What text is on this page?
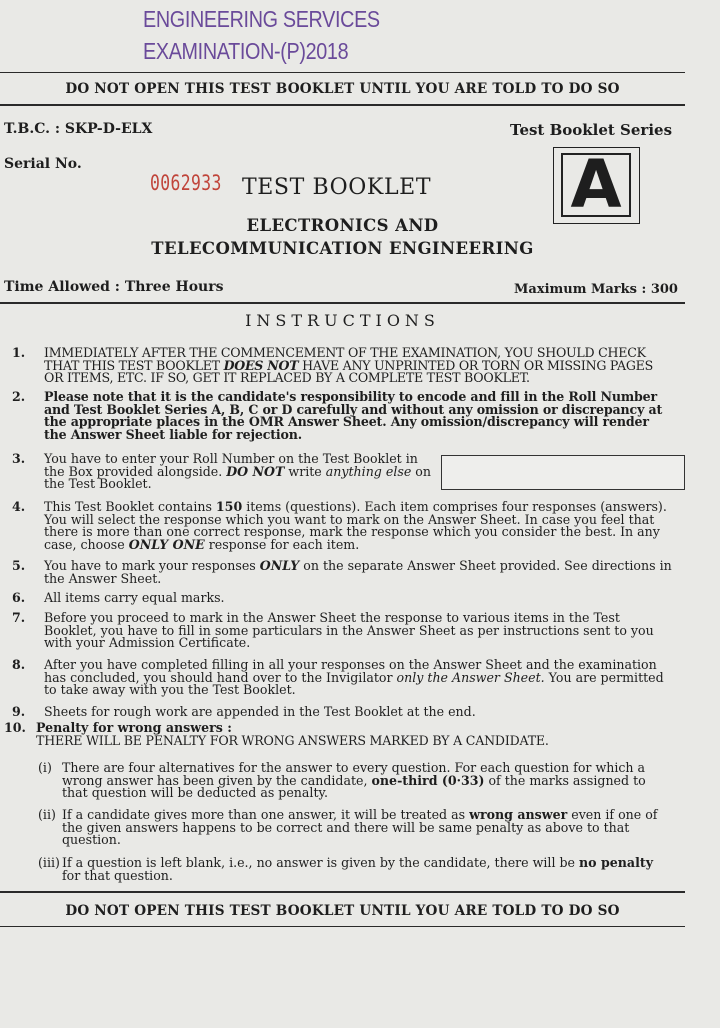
ENGINEERING SERVICES
EXAMINATION-(P)2018
DO NOT OPEN THIS TEST BOOKLET UNTIL YOU ARE TOLD TO DO SO
T.B.C. : SKP-D-ELX	Test Booklet Series
Serial No.	A
0062933 TEST BOOKLET
ELECTRONICS AND
TELECOMMUNICATION ENGINEERING
Time Allowed : Three Hours	Maximum Marks : 300
INSTRUCTIONS
1. IMMEDIATELY AFTER THE COMMENCEMENT OF THE EXAMINATION, YOU SHOULD CHECK
THAT THIS TEST BOOKLET DOES NOT HAVE ANY UNPRINTED OR TORN OR MISSING PAGES
OR ITEMS, ETC. IF SO, GET IT REPLACED BY A COMPLETE TEST BOOKLET.
2. Please note that it is the candidate's responsibility to encode and fill in the Roll Number
and Test Booklet Series A, B, C or D carefully and without any omission or discrepancy at
the appropriate places in the OMR Answer Sheet. Any omission/discrepancy will render
the Answer Sheet liable for rejection.
3. You have to enter your Roll Number on the Test Booklet in
the Box provided alongside. DO NOT write anything else on
the Test Booklet.
4. This Test Booklet contains 150 items (questions). Each item comprises four responses (answers).
You will select the response which you want to mark on the Answer Sheet. In case you feel that
there is more than one correct response, mark the response which you consider the best. In any
case, choose ONLY ONE response for each item.
5. You have to mark your responses ONLY on the separate Answer Sheet provided. See directions in
the Answer Sheet.
6. All items carry equal marks.
7. Before you proceed to mark in the Answer Sheet the response to various items in the Test
Booklet, you have to fill in some particulars in the Answer Sheet as per instructions sent to you
with your Admission Certificate.
8. After you have completed filling in all your responses on the Answer Sheet and the examination
has concluded, you should hand over to the Invigilator only the Answer Sheet. You are permitted
to take away with you the Test Booklet.
9. Sheets for rough work are appended in the Test Booklet at the end.
10. Penalty for wrong answers :
THERE WILL BE PENALTY FOR WRONG ANSWERS MARKED BY A CANDIDATE.
(i) There are four alternatives for the answer to every question. For each question for which a
wrong answer has been given by the candidate, one-third (0·33) of the marks assigned to
that question will be deducted as penalty.
(ii) If a candidate gives more than one answer, it will be treated as wrong answer even if one of
the given answers happens to be correct and there will be same penalty as above to that
question.
(iii) If a question is left blank, i.e., no answer is given by the candidate, there will be no penalty
for that question.
DO NOT OPEN THIS TEST BOOKLET UNTIL YOU ARE TOLD TO DO SO
